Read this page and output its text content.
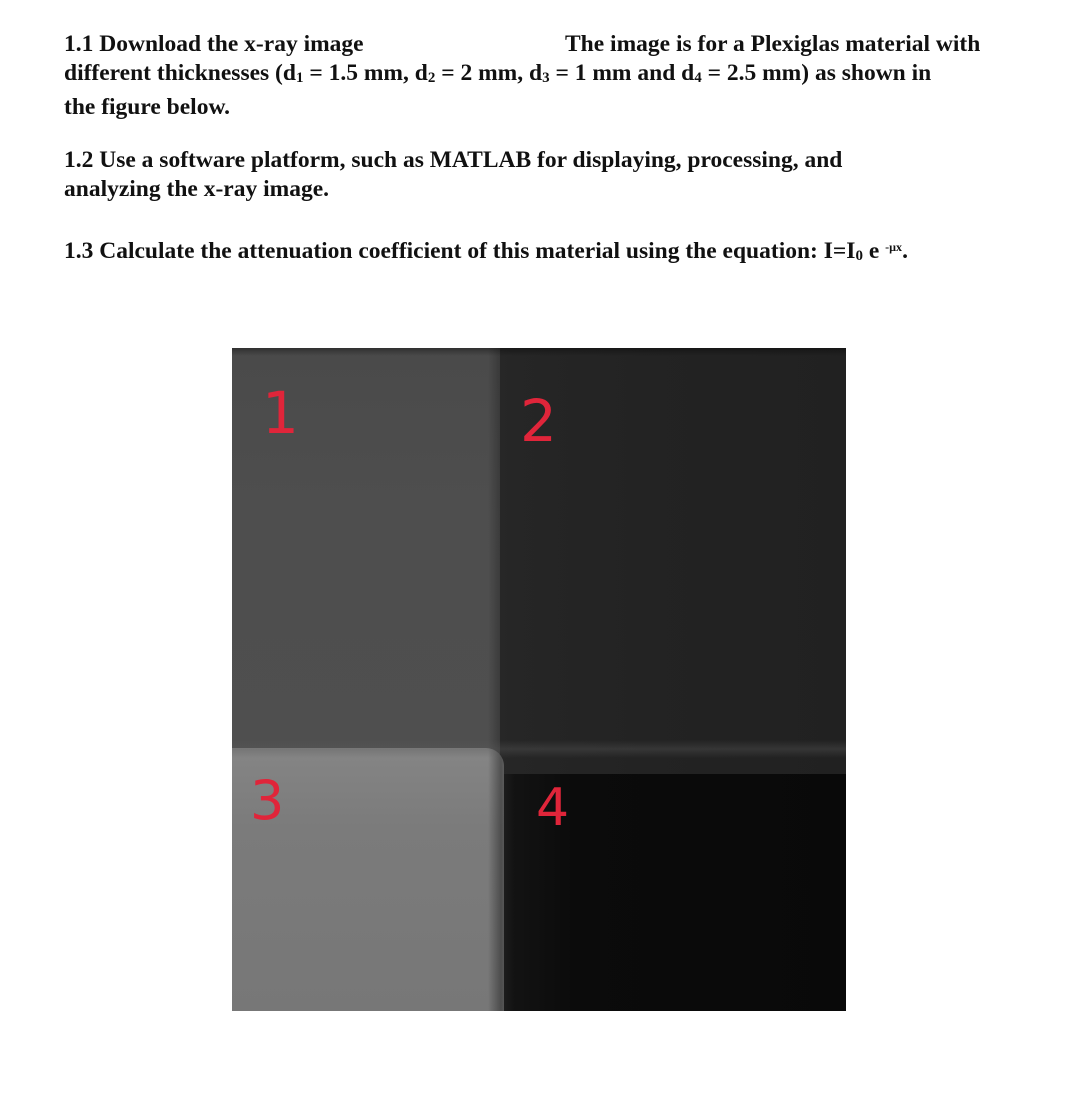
1.1 Download the x-ray image	The image is for a Plexiglas material with
different thicknesses (d1 = 1.5 mm, d2 = 2 mm, d3 = 1 mm and d4 = 2.5 mm) as shown in
the figure below.
1.2 Use a software platform, such as MATLAB for displaying, processing, and
analyzing the x-ray image.
1.3 Calculate the attenuation coefficient of this material using the equation: I=I0 e $^{-\mu x}$.
1	2
3	4
